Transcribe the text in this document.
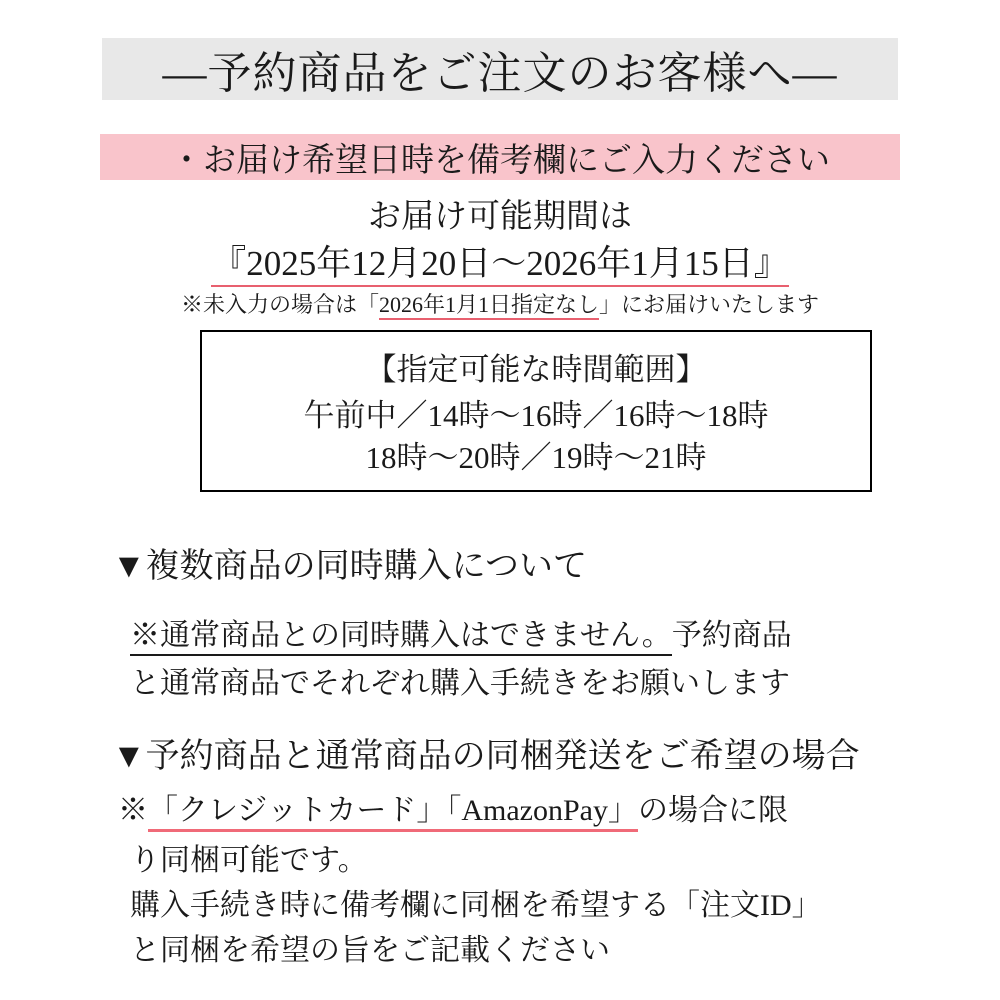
―予約商品をご注文のお客様へ―
・お届け希望日時を備考欄にご入力ください
お届け可能期間は
『2025年12月20日〜2026年1月15日』
※未入力の場合は「2026年1月1日指定なし」にお届けいたします
【指定可能な時間範囲】
午前中／14時〜16時／16時〜18時
18時〜20時／19時〜21時
▼複数商品の同時購入について
※通常商品との同時購入はできません。予約商品
と通常商品でそれぞれ購入手続きをお願いします
▼予約商品と通常商品の同梱発送をご希望の場合
※「クレジットカード」「AmazonPay」の場合に限
り同梱可能です。
購入手続き時に備考欄に同梱を希望する「注文ID」
と同梱を希望の旨をご記載ください
